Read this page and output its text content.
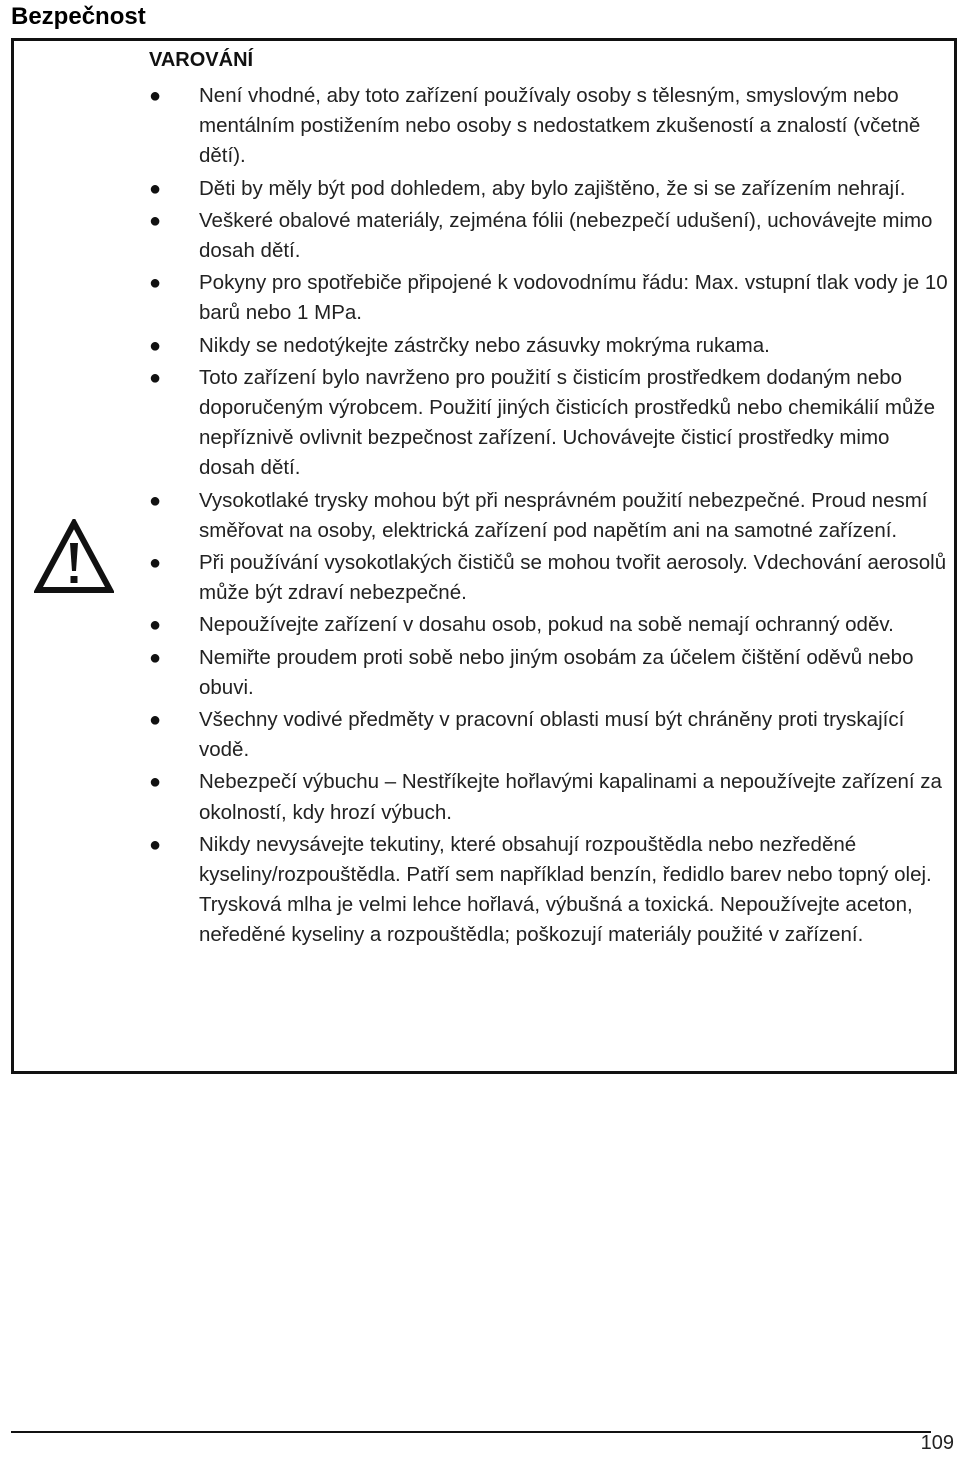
Bezpečnost
VAROVÁNÍ
● Není vhodné, aby toto zařízení používaly osoby s tělesným, smyslovým nebo mentálním postižením nebo osoby s nedostatkem zkušeností a znalostí (včetně dětí).
● Děti by měly být pod dohledem, aby bylo zajištěno, že si se zařízením nehrají.
● Veškeré obalové materiály, zejména fólii (nebezpečí udušení), uchovávejte mimo dosah dětí.
● Pokyny pro spotřebiče připojené k vodovodnímu řádu: Max. vstupní tlak vody je 10 barů nebo 1 MPa.
● Nikdy se nedotýkejte zástrčky nebo zásuvky mokrýma rukama.
● Toto zařízení bylo navrženo pro použití s čisticím prostředkem dodaným nebo doporučeným výrobcem. Použití jiných čisticích prostředků nebo chemikálií může nepříznivě ovlivnit bezpečnost zařízení. Uchovávejte čisticí prostředky mimo dosah dětí.
● Vysokotlaké trysky mohou být při nesprávném použití nebezpečné. Proud nesmí směřovat na osoby, elektrická zařízení pod napětím ani na samotné zařízení.
● Při používání vysokotlakých čističů se mohou tvořit aerosoly. Vdechování aerosolů může být zdraví nebezpečné.
● Nepoužívejte zařízení v dosahu osob, pokud na sobě nemají ochranný oděv.
● Nemiřte proudem proti sobě nebo jiným osobám za účelem čištění oděvů nebo obuvi.
● Všechny vodivé předměty v pracovní oblasti musí být chráněny proti tryskající vodě.
● Nebezpečí výbuchu – Nestříkejte hořlavými kapalinami a nepoužívejte zařízení za okolností, kdy hrozí výbuch.
● Nikdy nevysávejte tekutiny, které obsahují rozpouštědla nebo nezředěné kyseliny/rozpouštědla. Patří sem například benzín, ředidlo barev nebo topný olej. Trysková mlha je velmi lehce hořlavá, výbušná a toxická. Nepoužívejte aceton, neředěné kyseliny a rozpouštědla; poškozují materiály použité v zařízení.
109
